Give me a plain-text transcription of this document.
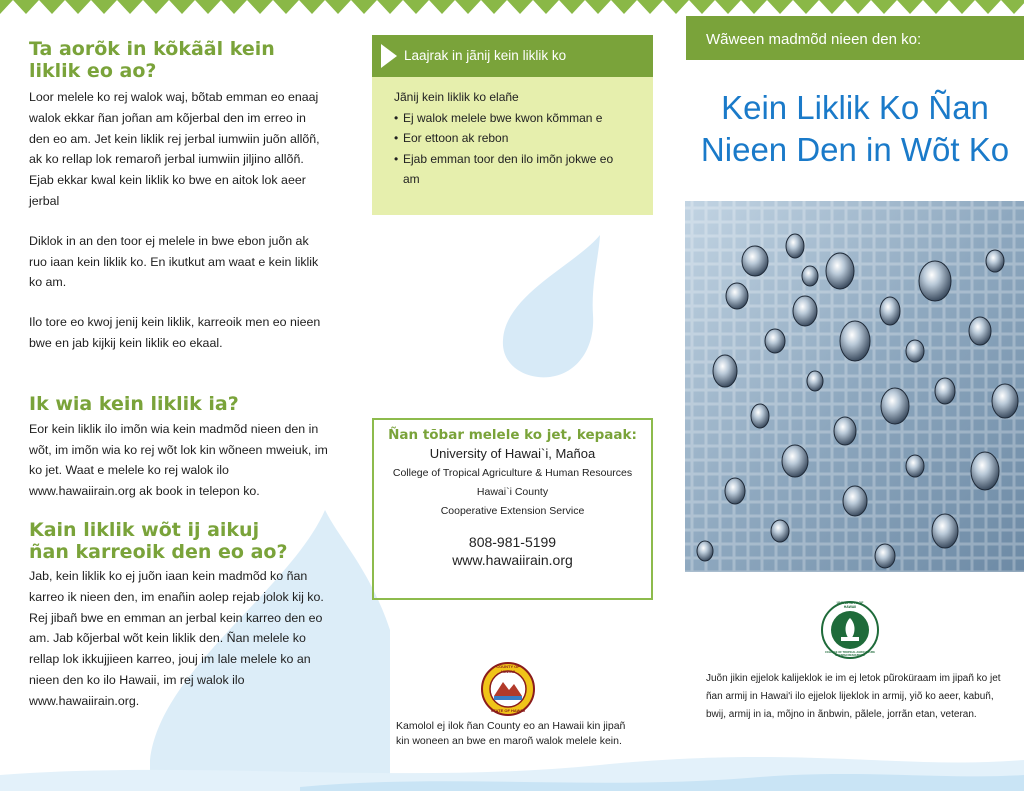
Ta aorõk in kõkããl kein liklik eo ao?

Loor melele ko rej walok waj, bõtab emman eo enaaj walok ekkar ñan joñan am kõjerbal den im erreo in den eo am. Jet kein liklik rej jerbal iumwiin juõn allõñ, ak ko rellap lok remaroñ jerbal iumwiin jiljino allõñ. Ejab ekkar kwal kein liklik ko bwe en aitok lok aeer jerbal

Diklok in an den toor ej melele in bwe ebon juõn ak ruo iaan kein liklik ko. En ikutkut am waat e kein liklik ko am.

Ilo tore eo kwoj jenij kein liklik, karreoik men eo nieen bwe en jab kijkij kein liklik eo ekaal.

Ik wia kein liklik ia?

Eor kein liklik ilo imõn wia kein madmõd nieen den in wõt, im imõn wia ko rej wõt lok kin wõneen mweiuk, im ko jet. Waat e melele ko rej walok ilo www.hawaiirain.org ak book in telepon ko.

Kain liklik wõt ij aikuj ñan karreoik den eo ao?

Jab, kein liklik ko ej juõn iaan kein madmõd ko ñan karreo ik nieen den, im enañin aolep rejab jolok kij ko. Rej jibañ bwe en emman an jerbal kein karreo den eo am. Jab kõjerbal wõt kein liklik den. Ñan melele ko rellap lok ikkujjieen karreo, jouj im lale melele ko an nieen den ko ilo Hawaii, im rej walok ilo www.hawaiirain.org.

Laajrak in jãnij kein liklik ko
Jãnij kein liklik ko elañe
• Ej walok melele bwe kwon kõmman e
• Eor ettoon ak rebon
• Ejab emman toor den ilo imõn jokwe eo am
Ñan tõbar melele ko jet, kepaak:
University of Hawai`i, Mañoa
College of Tropical Agriculture & Human Resources
Hawai`i County
Cooperative Extension Service
808-981-5199
www.hawaiirain.org
COUNTY OF HAWAII
STATE OF HAWAII
Kamolol ej ilok ñan County eo an Hawaii kin jipañ kin woneen an bwe en maroñ walok melele kein.
Wãween madmõd nieen den ko:

Kein Liklik Ko Ñan

Nieen Den in Wõt Ko

UNIVERSITY OF HAWAII
COLLEGE OF TROPICAL AGRICULTURE & HUMAN RESOURCES
Juõn jikin ejjelok kalijeklok ie im ej letok pũroküraam im jipañ ko jet ñan armij in Hawai'i ilo ejjelok lijeklok in armij, yiõ ko aeer, kabuñ, bwij, armij in ia, mõjno in ãnbwin, pãlele, jorrãn etan, veteran.
